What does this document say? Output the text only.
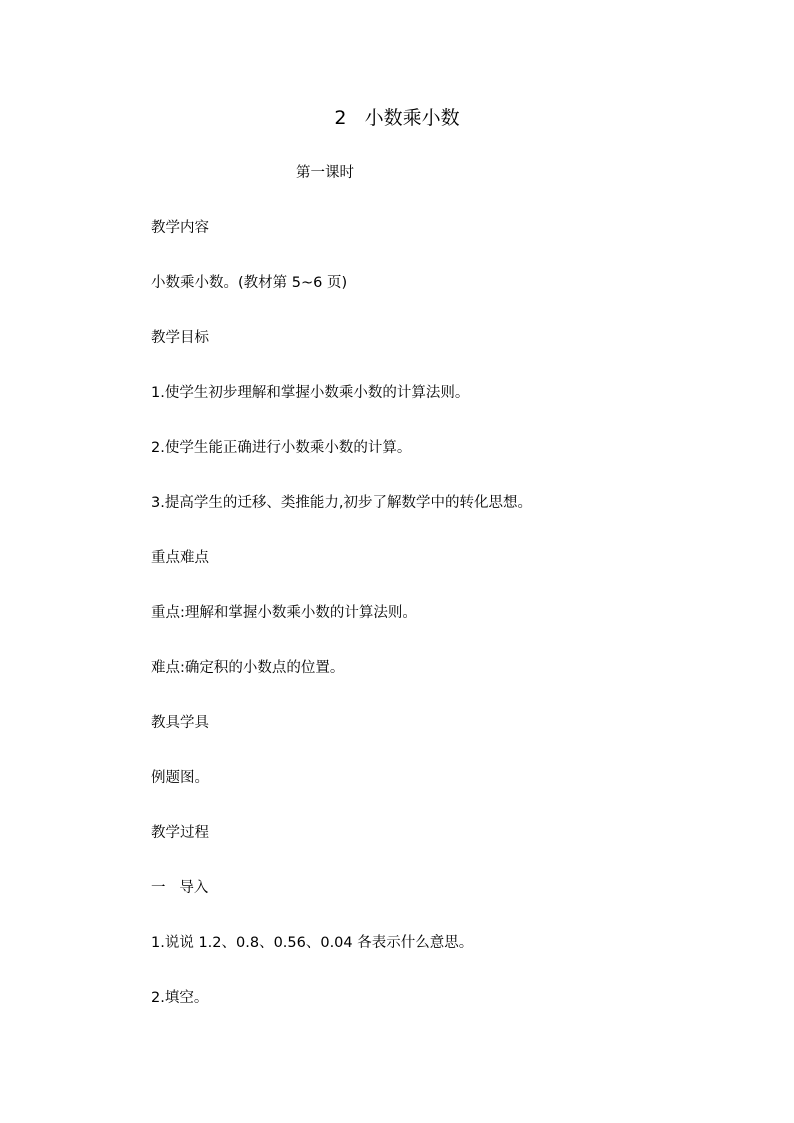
2   小数乘小数
第一课时
教学内容
小数乘小数。(教材第 5~6 页)
教学目标
1.使学生初步理解和掌握小数乘小数的计算法则。
2.使学生能正确进行小数乘小数的计算。
3.提高学生的迁移、类推能力,初步了解数学中的转化思想。
重点难点
重点:理解和掌握小数乘小数的计算法则。
难点:确定积的小数点的位置。
教具学具
例题图。
教学过程
一   导入
1.说说 1.2、0.8、0.56、0.04 各表示什么意思。
2.填空。
